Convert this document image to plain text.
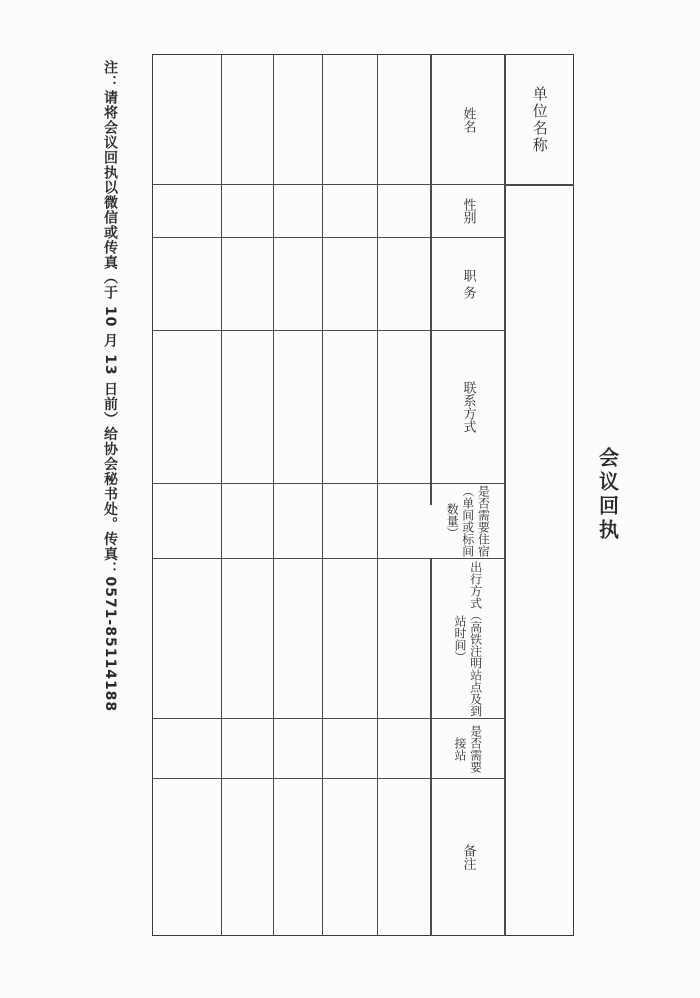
会议回执
单位名称
姓名
性别
职 务
联系方式
是否需要住宿（单间或标间数量）
出行方式（高铁注明站点及到站时间）
是否需要接站
备注
注：请将会议回执以微信或传真（于 10 月 13 日前）给协会秘书处。传真：0571-85114188
